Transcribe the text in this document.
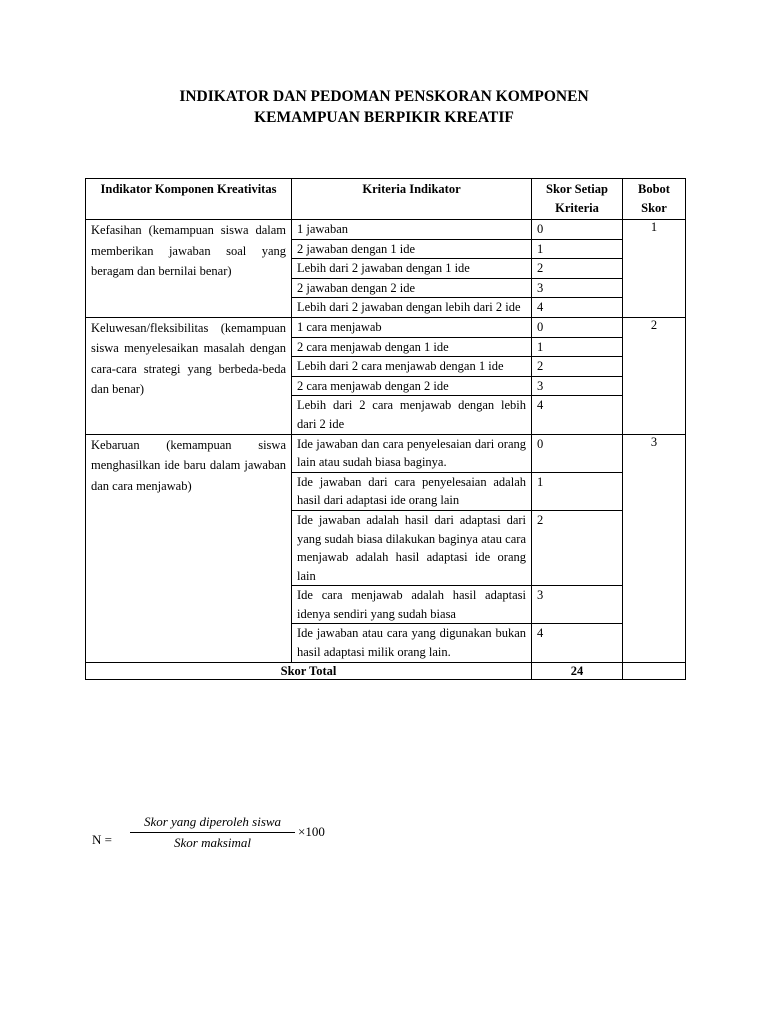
INDIKATOR DAN PEDOMAN PENSKORAN KOMPONEN
KEMAMPUAN BERPIKIR KREATIF
Indikator Komponen Kreativitas	Kriteria Indikator	Skor Setiap Kriteria	Bobot Skor
Kefasihan (kemampuan siswa dalam memberikan jawaban soal yang beragam dan bernilai benar)	1 jawaban	0	1
	2 jawaban dengan 1 ide	1	
	Lebih dari 2 jawaban dengan 1 ide	2	
	2 jawaban dengan 2 ide	3	
	Lebih dari 2 jawaban dengan lebih dari 2 ide	4	
Keluwesan/fleksibilitas (kemampuan siswa menyelesaikan masalah dengan cara-cara strategi yang berbeda-beda dan benar)	1 cara menjawab	0	2
	2 cara menjawab dengan 1 ide	1	
	Lebih dari 2 cara menjawab dengan 1 ide	2	
	2 cara menjawab dengan 2 ide	3	
	Lebih dari 2 cara menjawab dengan lebih dari 2 ide	4	
Kebaruan (kemampuan siswa menghasilkan ide baru dalam jawaban dan cara menjawab)	Ide jawaban dan cara penyelesaian dari orang lain atau sudah biasa baginya.	0	3
	Ide jawaban dari cara penyelesaian adalah hasil dari adaptasi ide orang lain	1	
	Ide jawaban adalah hasil dari adaptasi dari yang sudah biasa dilakukan baginya atau cara menjawab adalah hasil adaptasi ide orang lain	2	
	Ide cara menjawab adalah hasil adaptasi idenya sendiri yang sudah biasa	3	
	Ide jawaban atau cara yang digunakan bukan hasil adaptasi milik orang lain.	4	
Skor Total		24	
N =
Skor yang diperoleh siswa
Skor maksimal
×100
